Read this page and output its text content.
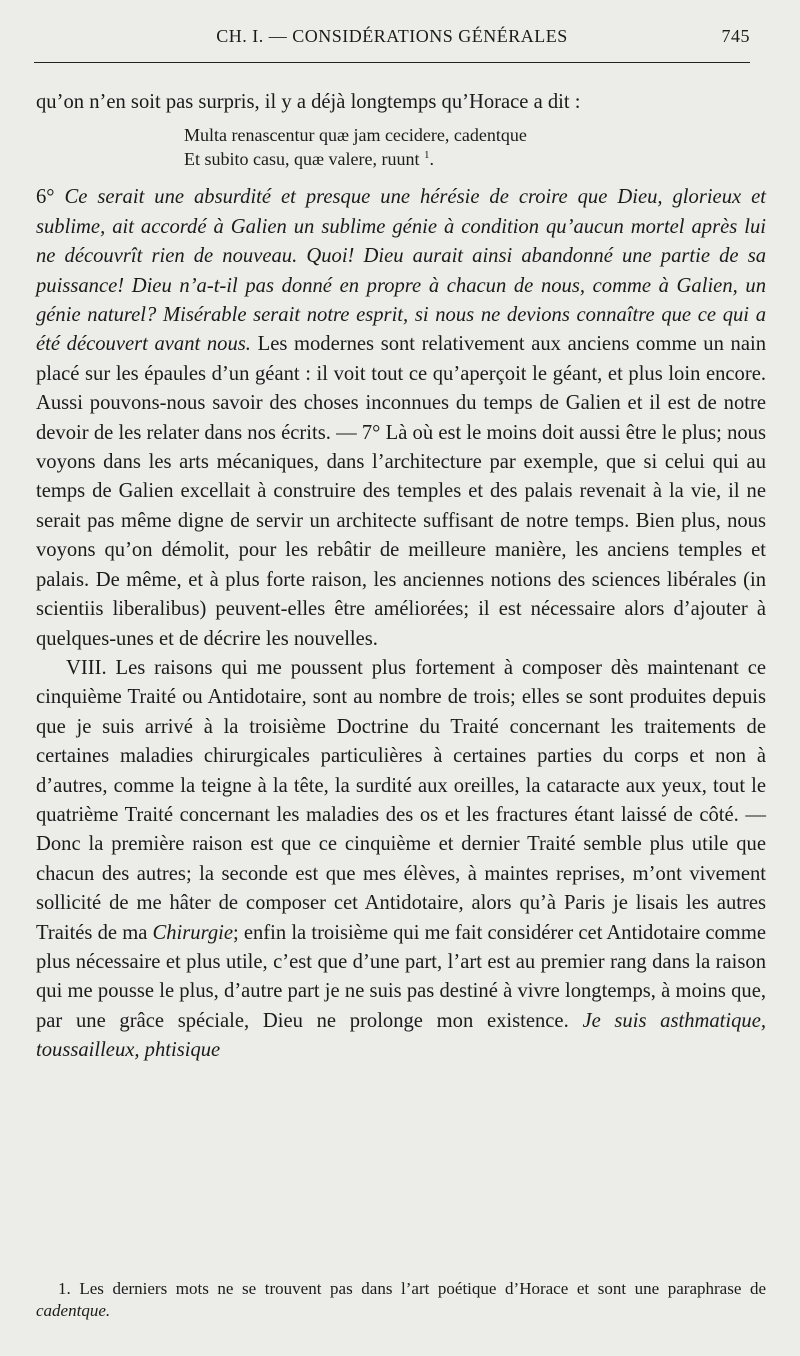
CH. I. — CONSIDÉRATIONS GÉNÉRALES	745

qu’on n’en soit pas surpris, il y a déjà longtemps qu’Horace a dit :

Multa renascentur quæ jam cecidere, cadentque
Et subito casu, quæ valere, ruunt $^1$.

6° Ce serait une absurdité et presque une hérésie de croire que Dieu, glorieux et sublime, ait accordé à Galien un sublime génie à condition qu’aucun mortel après lui ne découvrît rien de nouveau. Quoi! Dieu aurait ainsi abandonné une partie de sa puissance! Dieu n’a-t-il pas donné en propre à chacun de nous, comme à Galien, un génie naturel? Misérable serait notre esprit, si nous ne devions connaître que ce qui a été découvert avant nous. Les modernes sont relativement aux anciens comme un nain placé sur les épaules d’un géant : il voit tout ce qu’aperçoit le géant, et plus loin encore. Aussi pouvons-nous savoir des choses inconnues du temps de Galien et il est de notre devoir de les relater dans nos écrits. — 7° Là où est le moins doit aussi être le plus; nous voyons dans les arts mécaniques, dans l’architecture par exemple, que si celui qui au temps de Galien excellait à construire des temples et des palais revenait à la vie, il ne serait pas même digne de servir un architecte suffisant de notre temps. Bien plus, nous voyons qu’on démolit, pour les rebâtir de meilleure manière, les anciens temples et palais. De même, et à plus forte raison, les anciennes notions des sciences libérales (in scientiis liberalibus) peuvent-elles être améliorées; il est nécessaire alors d’ajouter à quelques-unes et de décrire les nouvelles.

VIII. Les raisons qui me poussent plus fortement à composer dès maintenant ce cinquième Traité ou Antidotaire, sont au nombre de trois; elles se sont produites depuis que je suis arrivé à la troisième Doctrine du Traité concernant les traitements de certaines maladies chirurgicales particulières à certaines parties du corps et non à d’autres, comme la teigne à la tête, la surdité aux oreilles, la cataracte aux yeux, tout le quatrième Traité concernant les maladies des os et les fractures étant laissé de côté. — Donc la première raison est que ce cinquième et dernier Traité semble plus utile que chacun des autres; la seconde est que mes élèves, à maintes reprises, m’ont vivement sollicité de me hâter de composer cet Antidotaire, alors qu’à Paris je lisais les autres Traités de ma Chirurgie; enfin la troisième qui me fait considérer cet Antidotaire comme plus nécessaire et plus utile, c’est que d’une part, l’art est au premier rang dans la raison qui me pousse le plus, d’autre part je ne suis pas destiné à vivre longtemps, à moins que, par une grâce spéciale, Dieu ne prolonge mon existence. Je suis asthmatique, toussailleux, phtisique

1. Les derniers mots ne se trouvent pas dans l’art poétique d’Horace et sont une paraphrase de cadentque.
